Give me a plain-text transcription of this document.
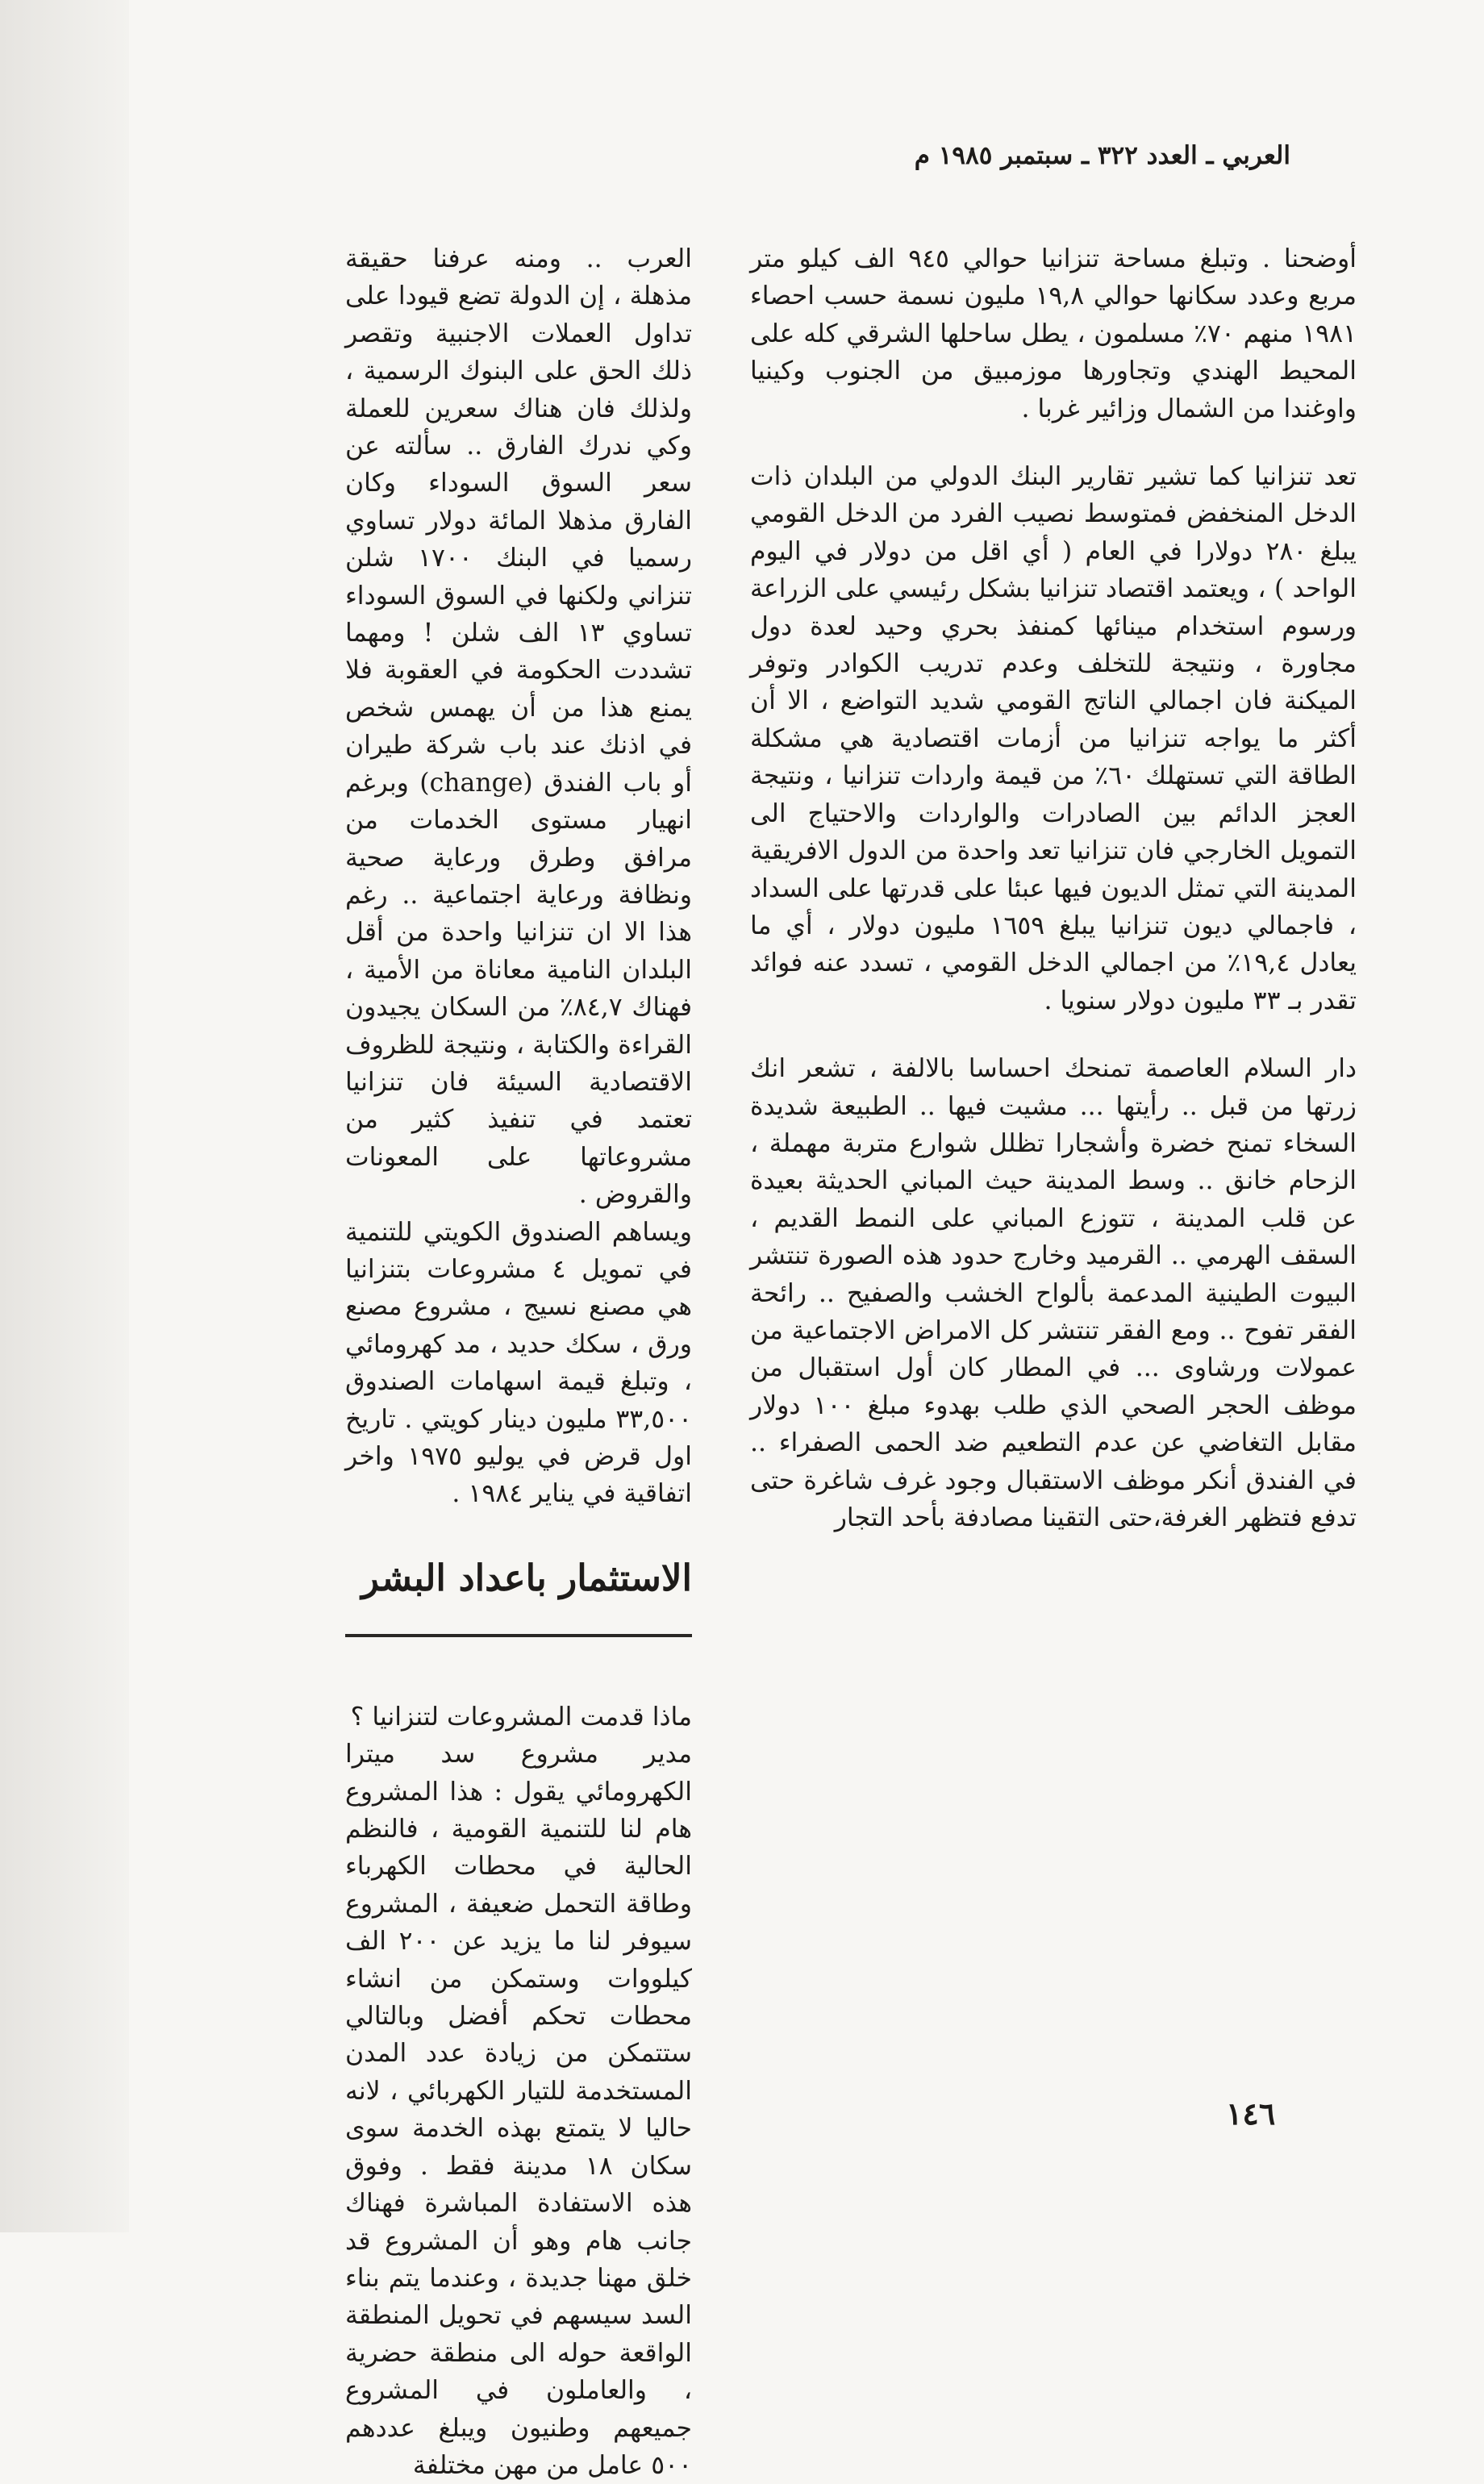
العربي ـ العدد ٣٢٢ ـ سبتمبر ١٩٨٥ م

أوضحنا . وتبلغ مساحة تنزانيا حوالي ٩٤٥ الف كيلو متر مربع وعدد سكانها حوالي ١٩,٨ مليون نسمة حسب احصاء ١٩٨١ منهم ٧٠٪ مسلمون ، يطل ساحلها الشرقي كله على المحيط الهندي وتجاورها موزمبيق من الجنوب وكينيا واوغندا من الشمال وزائير غربا .

تعد تنزانيا كما تشير تقارير البنك الدولي من البلدان ذات الدخل المنخفض فمتوسط نصيب الفرد من الدخل القومي يبلغ ٢٨٠ دولارا في العام ( أي اقل من دولار في اليوم الواحد ) ، ويعتمد اقتصاد تنزانيا بشكل رئيسي على الزراعة ورسوم استخدام مينائها كمنفذ بحري وحيد لعدة دول مجاورة ، ونتيجة للتخلف وعدم تدريب الكوادر وتوفر الميكنة فان اجمالي الناتج القومي شديد التواضع ، الا أن أكثر ما يواجه تنزانيا من أزمات اقتصادية هي مشكلة الطاقة التي تستهلك ٦٠٪ من قيمة واردات تنزانيا ، ونتيجة العجز الدائم بين الصادرات والواردات والاحتياج الى التمويل الخارجي فان تنزانيا تعد واحدة من الدول الافريقية المدينة التي تمثل الديون فيها عبئا على قدرتها على السداد ، فاجمالي ديون تنزانيا يبلغ ١٦٥٩ مليون دولار ، أي ما يعادل ١٩,٤٪ من اجمالي الدخل القومي ، تسدد عنه فوائد تقدر بـ ٣٣ مليون دولار سنويا .

دار السلام العاصمة تمنحك احساسا بالالفة ، تشعر انك زرتها من قبل .. رأيتها ... مشيت فيها .. الطبيعة شديدة السخاء تمنح خضرة وأشجارا تظلل شوارع متربة مهملة ، الزحام خانق .. وسط المدينة حيث المباني الحديثة بعيدة عن قلب المدينة ، تتوزع المباني على النمط القديم ، السقف الهرمي .. القرميد وخارج حدود هذه الصورة تنتشر البيوت الطينية المدعمة بألواح الخشب والصفيح .. رائحة الفقر تفوح .. ومع الفقر تنتشر كل الامراض الاجتماعية من عمولات ورشاوى ... في المطار كان أول استقبال من موظف الحجر الصحي الذي طلب بهدوء مبلغ ١٠٠ دولار مقابل التغاضي عن عدم التطعيم ضد الحمى الصفراء .. في الفندق أنكر موظف الاستقبال وجود غرف شاغرة حتى تدفع فتظهر الغرفة،حتى التقينا مصادفة بأحد التجار

العرب .. ومنه عرفنا حقيقة مذهلة ، إن الدولة تضع قيودا على تداول العملات الاجنبية وتقصر ذلك الحق على البنوك الرسمية ، ولذلك فان هناك سعرين للعملة وكي ندرك الفارق .. سألته عن سعر السوق السوداء وكان الفارق مذهلا المائة دولار تساوي رسميا في البنك ١٧٠٠ شلن تنزاني ولكنها في السوق السوداء تساوي ١٣ الف شلن ! ومهما تشددت الحكومة في العقوبة فلا يمنع هذا من أن يهمس شخص في اذنك عند باب شركة طيران أو باب الفندق (change) وبرغم انهيار مستوى الخدمات من مرافق وطرق ورعاية صحية ونظافة ورعاية اجتماعية .. رغم هذا الا ان تنزانيا واحدة من أقل البلدان النامية معاناة من الأمية ، فهناك ٨٤,٧٪ من السكان يجيدون القراءة والكتابة ، ونتيجة للظروف الاقتصادية السيئة فان تنزانيا تعتمد في تنفيذ كثير من مشروعاتها على المعونات والقروض .

ويساهم الصندوق الكويتي للتنمية في تمويل ٤ مشروعات بتنزانيا هي مصنع نسيج ، مشروع مصنع ورق ، سكك حديد ، مد كهرومائي ، وتبلغ قيمة اسهامات الصندوق ٣٣,٥٠٠ مليون دينار كويتي . تاريخ اول قرض في يوليو ١٩٧٥ واخر اتفاقية في يناير ١٩٨٤ .

الاستثمار باعداد البشر

ماذا قدمت المشروعات لتنزانيا ؟

مدير مشروع سد ميترا الكهرومائي يقول : هذا المشروع هام لنا للتنمية القومية ، فالنظم الحالية في محطات الكهرباء وطاقة التحمل ضعيفة ، المشروع سيوفر لنا ما يزيد عن ٢٠٠ الف كيلووات وستمكن من انشاء محطات تحكم أفضل وبالتالي ستتمكن من زيادة عدد المدن المستخدمة للتيار الكهربائي ، لانه حاليا لا يتمتع بهذه الخدمة سوى سكان ١٨ مدينة فقط . وفوق هذه الاستفادة المباشرة فهناك جانب هام وهو أن المشروع قد خلق مهنا جديدة ، وعندما يتم بناء السد سيسهم في تحويل المنطقة الواقعة حوله الى منطقة حضرية ، والعاملون في المشروع جميعهم وطنيون ويبلغ عددهم ٥٠٠ عامل من مهن مختلفة

١٤٦
